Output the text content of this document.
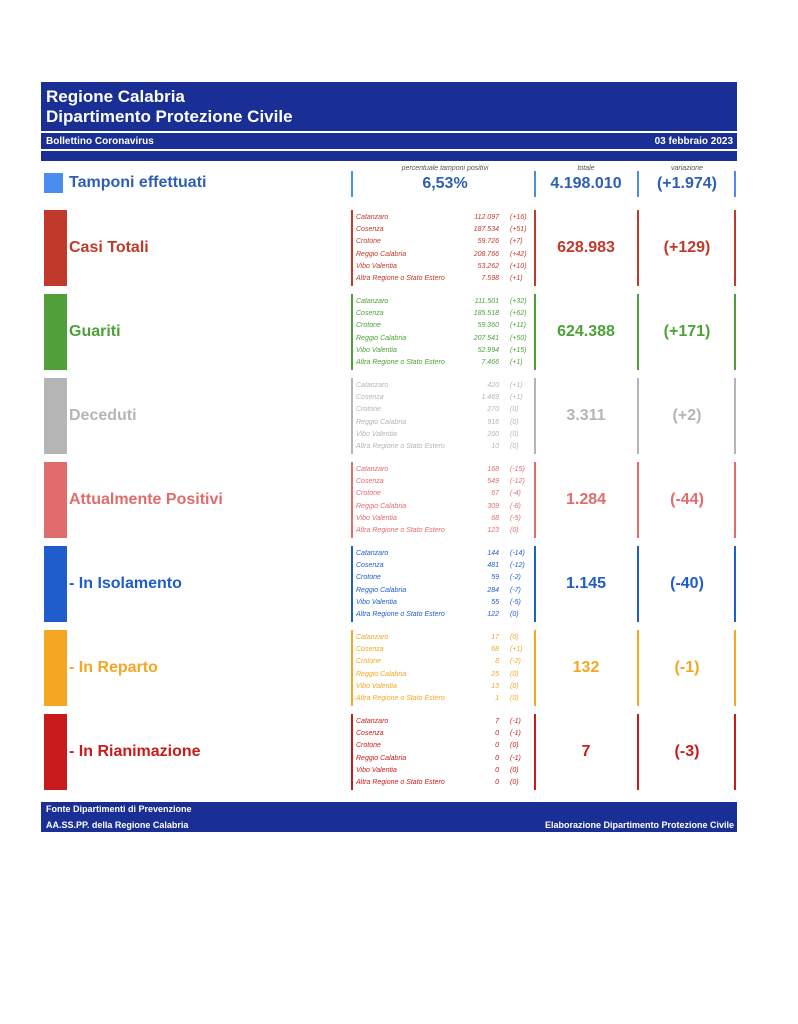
Regione Calabria
Dipartimento Protezione Civile
Bollettino Coronavirus	03 febbraio 2023
Tamponi effettuati
percentuale tamponi positivi
6,53%
totale
4.198.010
variazione
(+1.974)
Casi Totali
Catanzaro	112.097 (+16)
Cosenza	187.534 (+51)
Crotone	59.726 (+7)
Reggio Calabria	208.766 (+42)
Vibo Valentia	53.262 (+10)
Altra Regione o Stato Estero	7.598 (+1)
628.983	(+129)
Guariti
Catanzaro	111.501 (+32)
Cosenza	185.518 (+62)
Crotone	59.360 (+11)
Reggio Calabria	207.541 (+50)
Vibo Valentia	52.994 (+15)
Altra Regione o Stato Estero	7.466 (+1)
624.388	(+171)
Deceduti
Catanzaro	420 (+1)
Cosenza	1.469 (+1)
Crotone	270 (0)
Reggio Calabria	916 (0)
Vibo Valentia	200 (0)
Altra Regione o Stato Estero	10 (0)
3.311	(+2)
Attualmente Positivi
Catanzaro	168 (-15)
Cosenza	549 (-12)
Crotone	67 (-4)
Reggio Calabria	309 (-8)
Vibo Valentia	68 (-5)
Altra Regione o Stato Estero	123 (0)
1.284	(-44)
- In Isolamento
Catanzaro	144 (-14)
Cosenza	481 (-12)
Crotone	59 (-2)
Reggio Calabria	284 (-7)
Vibo Valentia	55 (-5)
Altra Regione o Stato Estero	122 (0)
1.145	(-40)
- In Reparto
Catanzaro	17 (0)
Cosenza	68 (+1)
Crotone	8 (-2)
Reggio Calabria	25 (0)
Vibo Valentia	13 (0)
Altra Regione o Stato Estero	1 (0)
132	(-1)
- In Rianimazione
Catanzaro	7 (-1)
Cosenza	0 (-1)
Crotone	0 (0)
Reggio Calabria	0 (-1)
Vibo Valentia	0 (0)
Altra Regione o Stato Estero	0 (0)
7	(-3)
Fonte Dipartimenti di Prevenzione
AA.SS.PP. della Regione Calabria	Elaborazione Dipartimento Protezione Civile
